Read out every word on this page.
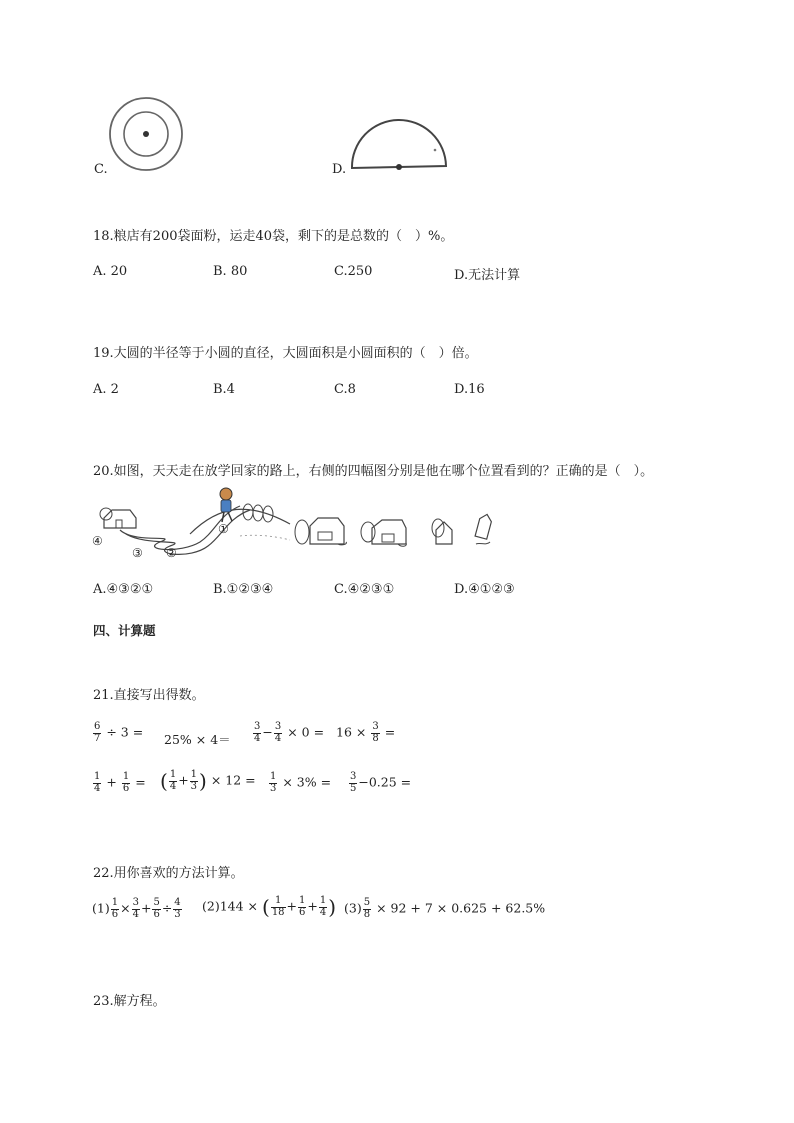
C.	D.
18.粮店有200袋面粉，运走40袋，剩下的是总数的（　）%。
A. 20	B. 80	C.250	D.无法计算
19.大圆的半径等于小圆的直径，大圆面积是小圆面积的（　）倍。
A. 2	B.4	C.8	D.16
20.如图，天天走在放学回家的路上，右侧的四幅图分别是他在哪个位置看到的？正确的是（　）。
④
③ ②
①
A.④③②①	B.①②③④	C.④②③①	D.④①②③
四、计算题
21.直接写出得数。
$\frac{6}{7} \div 3 = 25\% \times 4= \frac{3}{4} - \frac{3}{4} \times 0 = 16 \times \frac{3}{8}$ =
$\frac{1}{4} + \frac{1}{6}$ = ( $\frac{1}{4} + \frac{1}{3}$ ) × $12 = \frac{1}{3} \times 3\% = \frac{3}{5} -0.25$ =
22.用你喜欢的方法计算。
$(1) \frac{1}{6} \times \frac{3}{4} + \frac{5}{6} \div \frac{4}{3} (2)144$ × ( $\frac{1}{18} + \frac{1}{6} + \frac{1}{4}$ ) $(3) \frac{5}{8} \times 92 + 7 \times 0.625 + 62.5\%$
23.解方程。
